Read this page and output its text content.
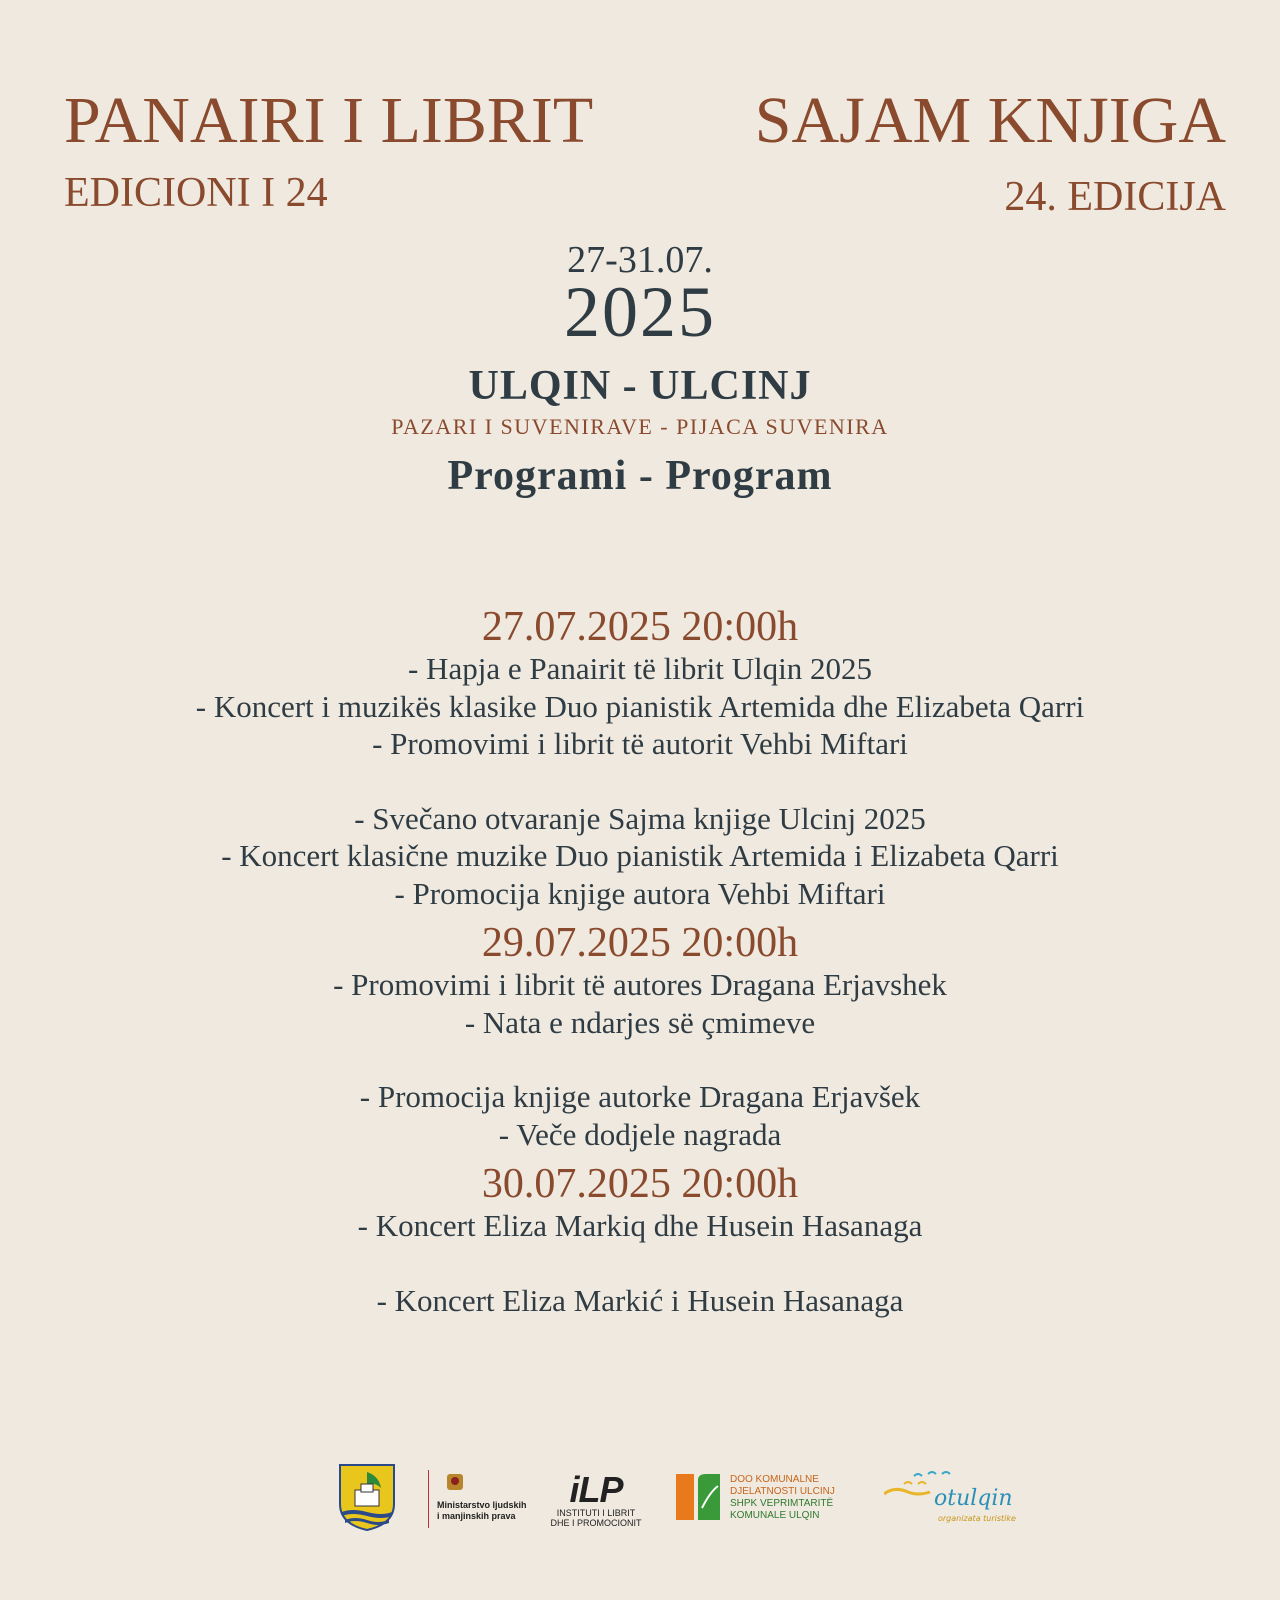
PANAIRI I LIBRIT
EDICIONI I 24
SAJAM KNJIGA
24. EDICIJA
27-31.07.
2025
ULQIN - ULCINJ
PAZARI I SUVENIRAVE - PIJACA SUVENIRA
Programi - Program

27.07.2025 20:00h

- Hapja e Panairit të librit Ulqin 2025

- Koncert i muzikës klasike Duo pianistik Artemida dhe Elizabeta Qarri

- Promovimi i librit të autorit Vehbi Miftari

- Svečano otvaranje Sajma knjige Ulcinj 2025

- Koncert klasične muzike Duo pianistik Artemida i Elizabeta Qarri

- Promocija knjige autora Vehbi Miftari

29.07.2025 20:00h

- Promovimi i librit të autores Dragana Erjavshek

- Nata e ndarjes së çmimeve

- Promocija knjige autorke Dragana Erjavšek

- Veče dodjele nagrada

30.07.2025 20:00h

- Koncert Eliza Markiq dhe Husein Hasanaga

- Koncert Eliza Markić i Husein Hasanaga

Ministarstvo ljudskih
i manjinskih prava
iLP
INSTITUTI I LIBRIT
DHE I PROMOCIONIT
DOO KOMUNALNE
DJELATNOSTI ULCINJ
SHPK VEPRIMTARITË
KOMUNALE ULQIN
otulqin
organizata turistike
